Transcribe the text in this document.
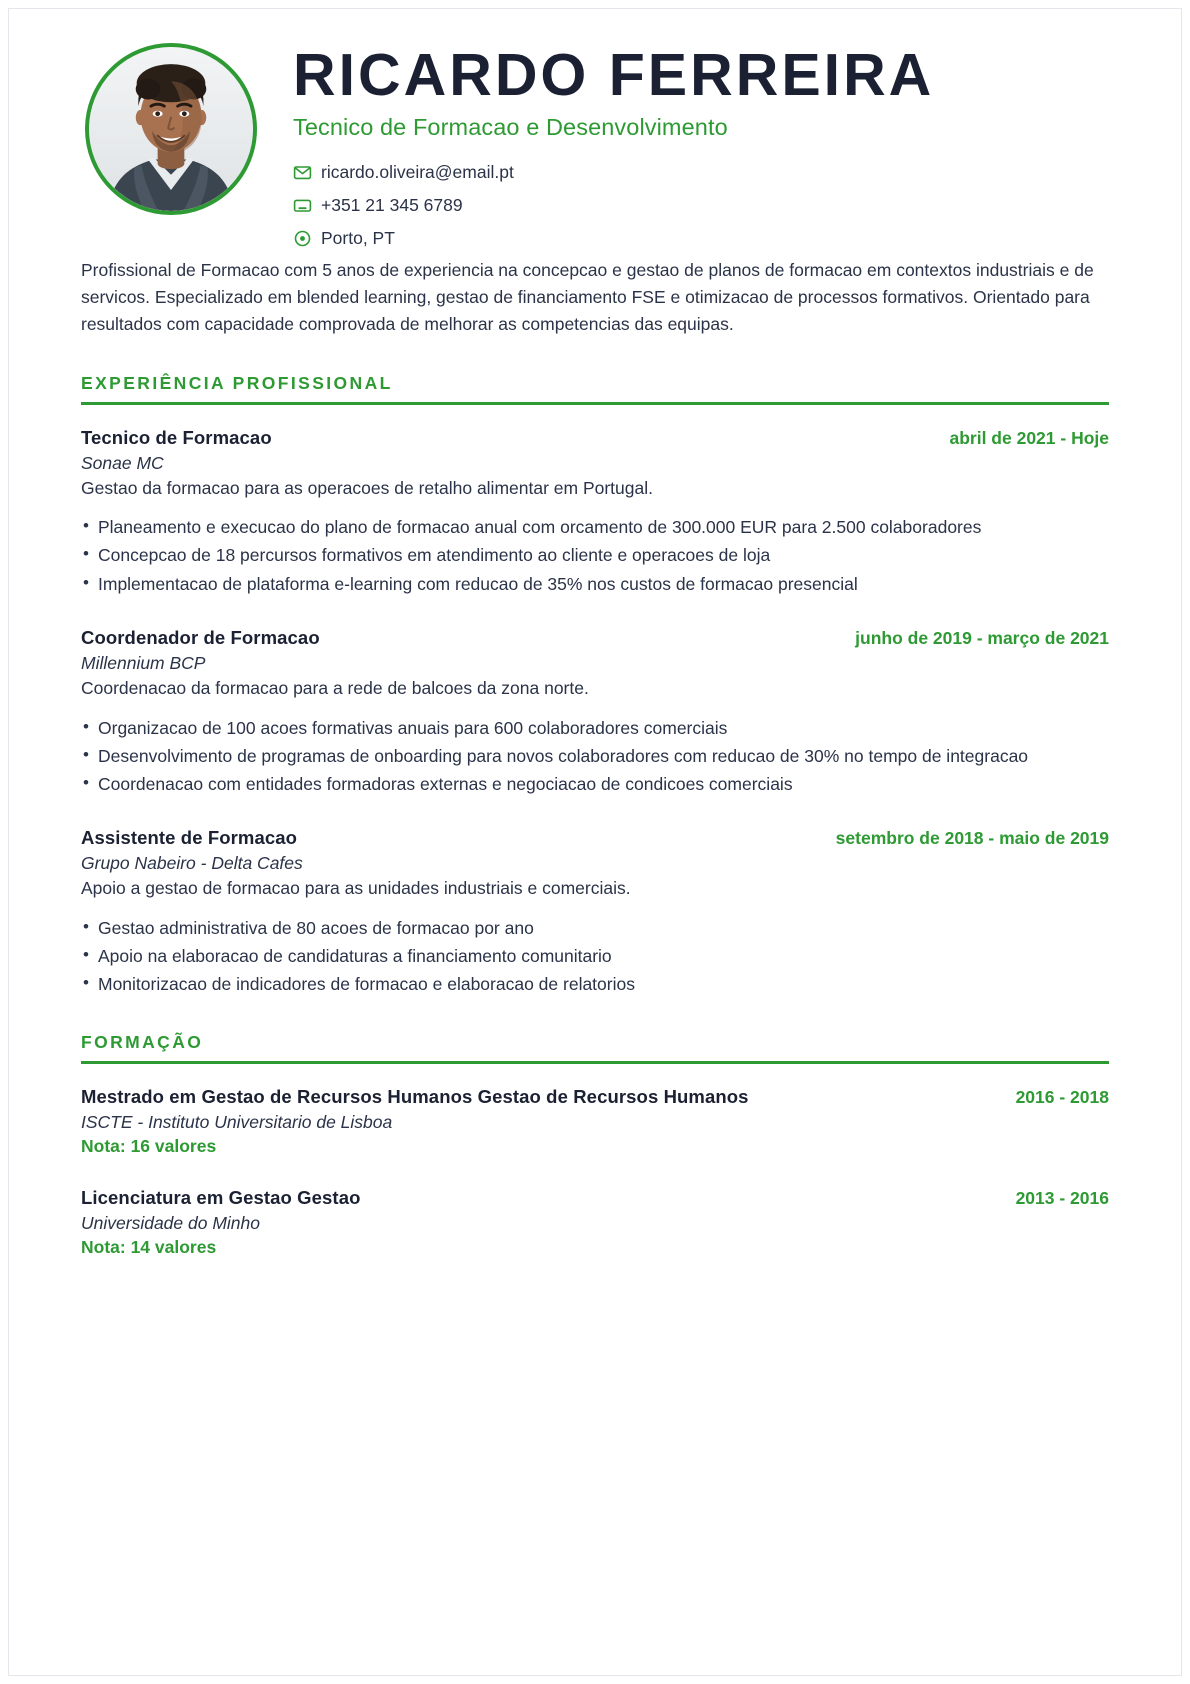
RICARDO FERREIRA
Tecnico de Formacao e Desenvolvimento
ricardo.oliveira@email.pt
+351 21 345 6789
Porto, PT
Profissional de Formacao com 5 anos de experiencia na concepcao e gestao de planos de formacao em contextos industriais e de servicos. Especializado em blended learning, gestao de financiamento FSE e otimizacao de processos formativos. Orientado para resultados com capacidade comprovada de melhorar as competencias das equipas.
EXPERIÊNCIA PROFISSIONAL
Tecnico de Formacao	abril de 2021 - Hoje
Sonae MC
Gestao da formacao para as operacoes de retalho alimentar em Portugal.
• Planeamento e execucao do plano de formacao anual com orcamento de 300.000 EUR para 2.500 colaboradores
• Concepcao de 18 percursos formativos em atendimento ao cliente e operacoes de loja
• Implementacao de plataforma e-learning com reducao de 35% nos custos de formacao presencial
Coordenador de Formacao	junho de 2019 - março de 2021
Millennium BCP
Coordenacao da formacao para a rede de balcoes da zona norte.
• Organizacao de 100 acoes formativas anuais para 600 colaboradores comerciais
• Desenvolvimento de programas de onboarding para novos colaboradores com reducao de 30% no tempo de integracao
• Coordenacao com entidades formadoras externas e negociacao de condicoes comerciais
Assistente de Formacao	setembro de 2018 - maio de 2019
Grupo Nabeiro - Delta Cafes
Apoio a gestao de formacao para as unidades industriais e comerciais.
• Gestao administrativa de 80 acoes de formacao por ano
• Apoio na elaboracao de candidaturas a financiamento comunitario
• Monitorizacao de indicadores de formacao e elaboracao de relatorios
FORMAÇÃO
Mestrado em Gestao de Recursos Humanos Gestao de Recursos Humanos	2016 - 2018
ISCTE - Instituto Universitario de Lisboa
Nota: 16 valores
Licenciatura em Gestao Gestao	2013 - 2016
Universidade do Minho
Nota: 14 valores
